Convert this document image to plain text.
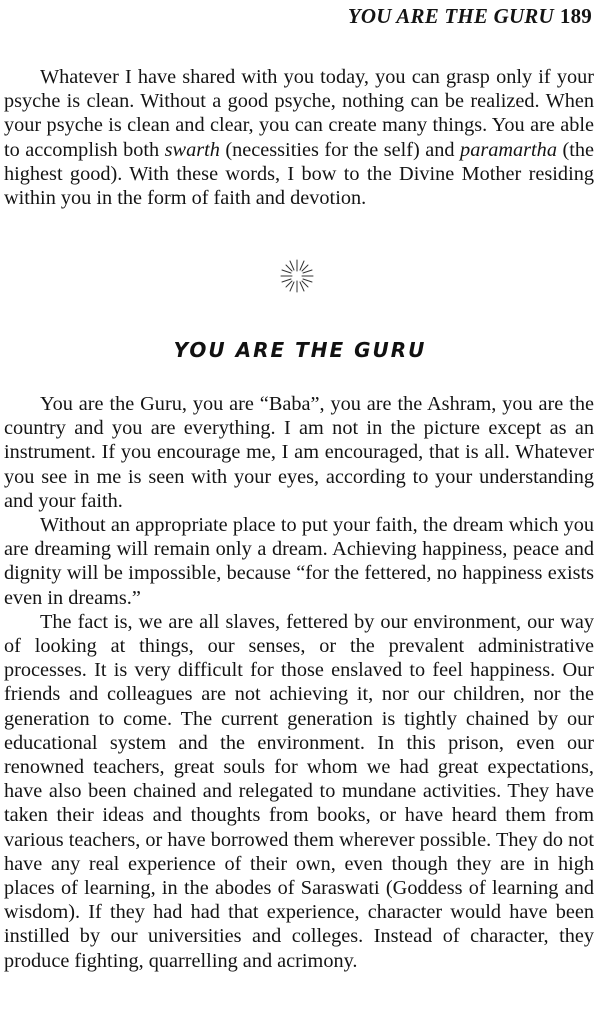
YOU ARE THE GURU 189

Whatever I have shared with you today, you can grasp only if your psyche is clean. Without a good psyche, nothing can be realized. When your psyche is clean and clear, you can create many things. You are able to accomplish both swarth (necessities for the self) and paramartha (the highest good). With these words, I bow to the Divine Mother residing within you in the form of faith and devotion.

YOU ARE THE GURU

You are the Guru, you are “Baba”, you are the Ashram, you are the country and you are everything. I am not in the picture except as an instrument. If you encourage me, I am encouraged, that is all. Whatever you see in me is seen with your eyes, according to your understanding and your faith.

Without an appropriate place to put your faith, the dream which you are dreaming will remain only a dream. Achieving happiness, peace and dignity will be impossible, because “for the fettered, no happiness exists even in dreams.”

The fact is, we are all slaves, fettered by our environment, our way of looking at things, our senses, or the prevalent administrative processes. It is very difficult for those enslaved to feel happiness. Our friends and colleagues are not achieving it, nor our children, nor the generation to come. The current generation is tightly chained by our educational system and the environment. In this prison, even our renowned teachers, great souls for whom we had great expectations, have also been chained and relegated to mundane activities. They have taken their ideas and thoughts from books, or have heard them from various teachers, or have borrowed them wherever possible. They do not have any real experience of their own, even though they are in high places of learning, in the abodes of Saraswati (Goddess of learning and wisdom). If they had had that experience, character would have been instilled by our universities and colleges. Instead of character, they produce fighting, quarrelling and acrimony.
